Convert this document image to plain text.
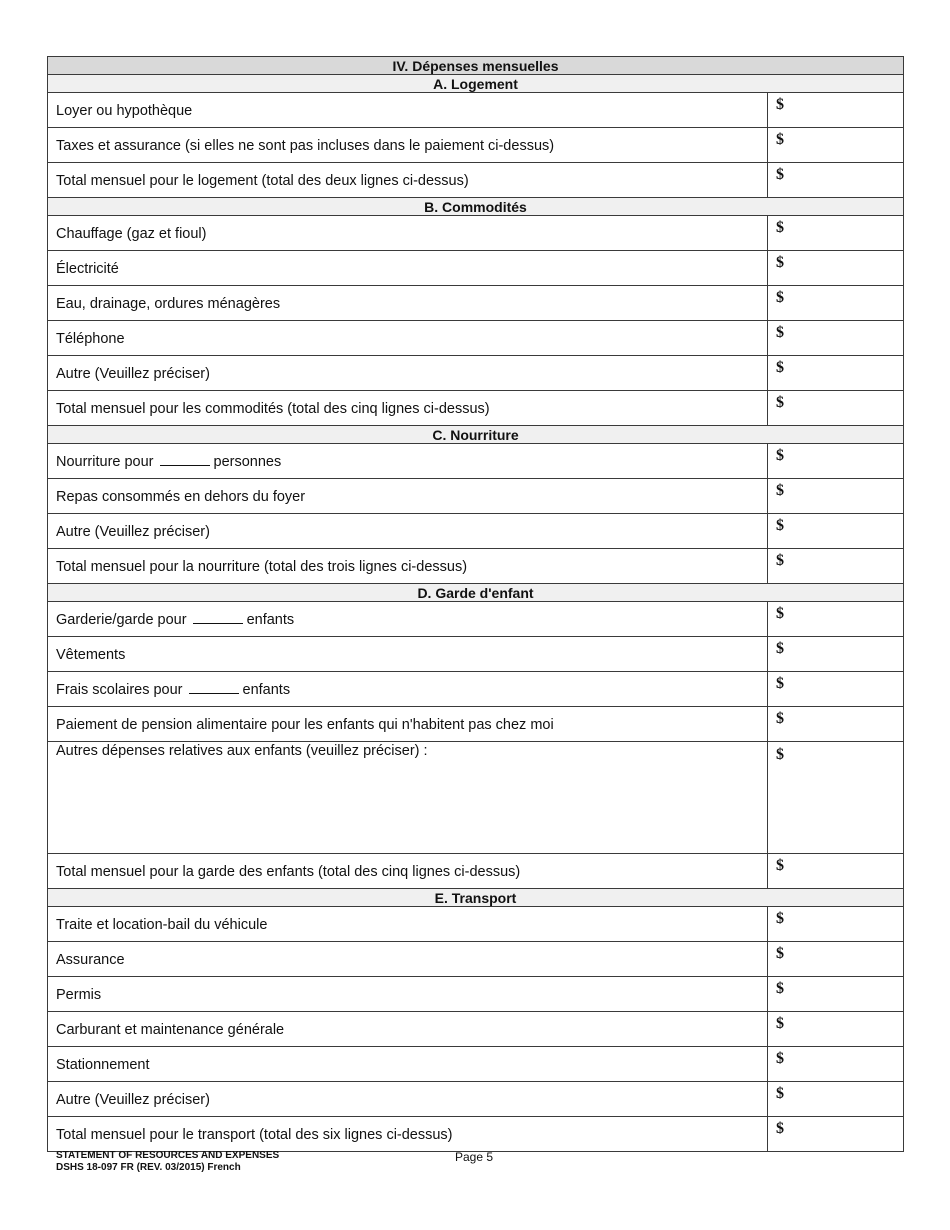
IV. Dépenses mensuelles	
A. Logement	

Loyer ou hypothèque	$

Taxes et assurance (si elles ne sont pas incluses dans le paiement ci-dessus)	$

Total mensuel pour le logement (total des deux lignes ci-dessus)	$

B. Commodités	

Chauffage (gaz et fioul)	$

Électricité	$

Eau, drainage, ordures ménagères	$

Téléphone	$

Autre (Veuillez préciser)	$

Total mensuel pour les commodités (total des cinq lignes ci-dessus)	$

C. Nourriture	

Nourriture pour personnes	$

Repas consommés en dehors du foyer	$

Autre (Veuillez préciser)	$

Total mensuel pour la nourriture (total des trois lignes ci-dessus)	$

D. Garde d'enfant	

Garderie/garde pour enfants	$

Vêtements	$

Frais scolaires pour enfants	$

Paiement de pension alimentaire pour les enfants qui n'habitent pas chez moi	$

Autres dépenses relatives aux enfants (veuillez préciser) :	$

Total mensuel pour la garde des enfants (total des cinq lignes ci-dessus)	$

E. Transport	

Traite et location-bail du véhicule	$

Assurance	$

Permis	$

Carburant et maintenance générale	$

Stationnement	$

Autre (Veuillez préciser)	$

Total mensuel pour le transport (total des six lignes ci-dessus)	$
STATEMENT OF RESOURCES AND EXPENSES
DSHS 18-097 FR (REV. 03/2015) French
Page 5
